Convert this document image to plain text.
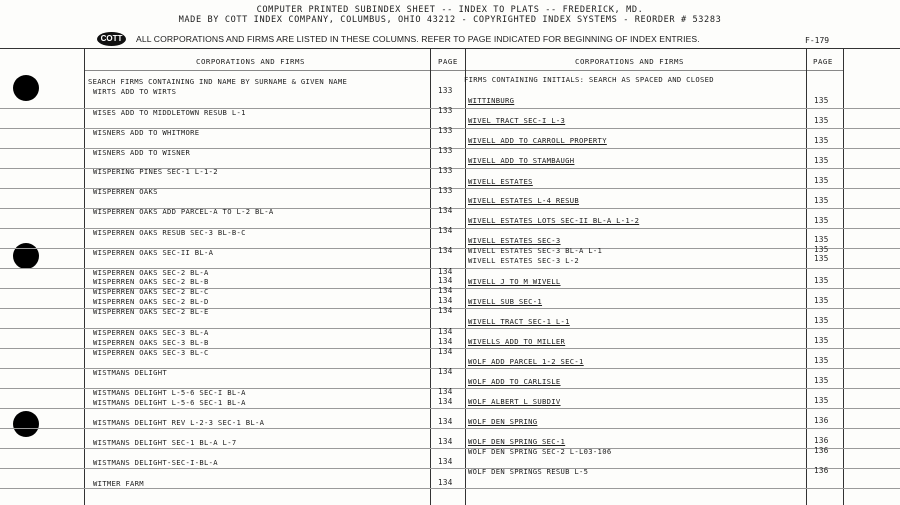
COMPUTER PRINTED SUBINDEX SHEET -- INDEX TO PLATS -- FREDERICK, MD.
MADE BY COTT INDEX COMPANY, COLUMBUS, OHIO 43212 - COPYRIGHTED INDEX SYSTEMS - REORDER # 53283
COTT	ALL CORPORATIONS AND FIRMS ARE LISTED IN THESE COLUMNS. REFER TO PAGE INDICATED FOR BEGINNING OF INDEX ENTRIES.	F-179
CORPORATIONS AND FIRMS	PAGE	CORPORATIONS AND FIRMS	PAGE
SEARCH FIRMS CONTAINING IND NAME BY SURNAME & GIVEN NAME	FIRMS CONTAINING INITIALS: SEARCH AS SPACED AND CLOSED
WIRTS ADD TO WIRTS	133
WISES ADD TO MIDDLETOWN RESUB L-1	133
WISNERS ADD TO WHITMORE	133
WISNERS ADD TO WISNER	133
WISPERING PINES SEC-1 L-1-2	133
WISPERREN OAKS	133
WISPERREN OAKS ADD PARCEL-A TO L-2 BL-A	134
WISPERREN OAKS RESUB SEC-3 BL-B-C	134
WISPERREN OAKS SEC-II BL-A	134
WISPERREN OAKS SEC-2 BL-A	134
WISPERREN OAKS SEC-2 BL-B	134
WISPERREN OAKS SEC-2 BL-C	134
WISPERREN OAKS SEC-2 BL-D	134
WISPERREN OAKS SEC-2 BL-E	134
WISPERREN OAKS SEC-3 BL-A	134
WISPERREN OAKS SEC-3 BL-B	134
WISPERREN OAKS SEC-3 BL-C	134
WISTMANS DELIGHT	134
WISTMANS DELIGHT L-5-6 SEC-I BL-A	134
WISTMANS DELIGHT L-5-6 SEC-1 BL-A	134
WISTMANS DELIGHT REV L-2-3 SEC-1 BL-A	134
WISTMANS DELIGHT SEC-1 BL-A L-7	134
WISTMANS DELIGHT-SEC-I-BL-A	134
WITMER FARM	134
WITTINBURG	135
WIVEL TRACT SEC-I L-3	135
WIVELL ADD TO CARROLL PROPERTY	135
WIVELL ADD TO STAMBAUGH	135
WIVELL ESTATES	135
WIVELL ESTATES L-4 RESUB	135
WIVELL ESTATES LOTS SEC-II BL-A L-1-2	135
WIVELL ESTATES SEC-3	135
WIVELL ESTATES SEC-3 BL-A L-1	135
WIVELL ESTATES SEC-3 L-2	135
WIVELL J TO M WIVELL	135
WIVELL SUB SEC-1	135
WIVELL TRACT SEC-1 L-1	135
WIVELLS ADD TO MILLER	135
WOLF ADD PARCEL 1-2 SEC-1	135
WOLF ADD TO CARLISLE	135
WOLF ALBERT L SUBDIV	135
WOLF DEN SPRING	136
WOLF DEN SPRING SEC-1	136
WOLF DEN SPRING SEC-2 L-L03-106	136
WOLF DEN SPRINGS RESUB L-5	136
